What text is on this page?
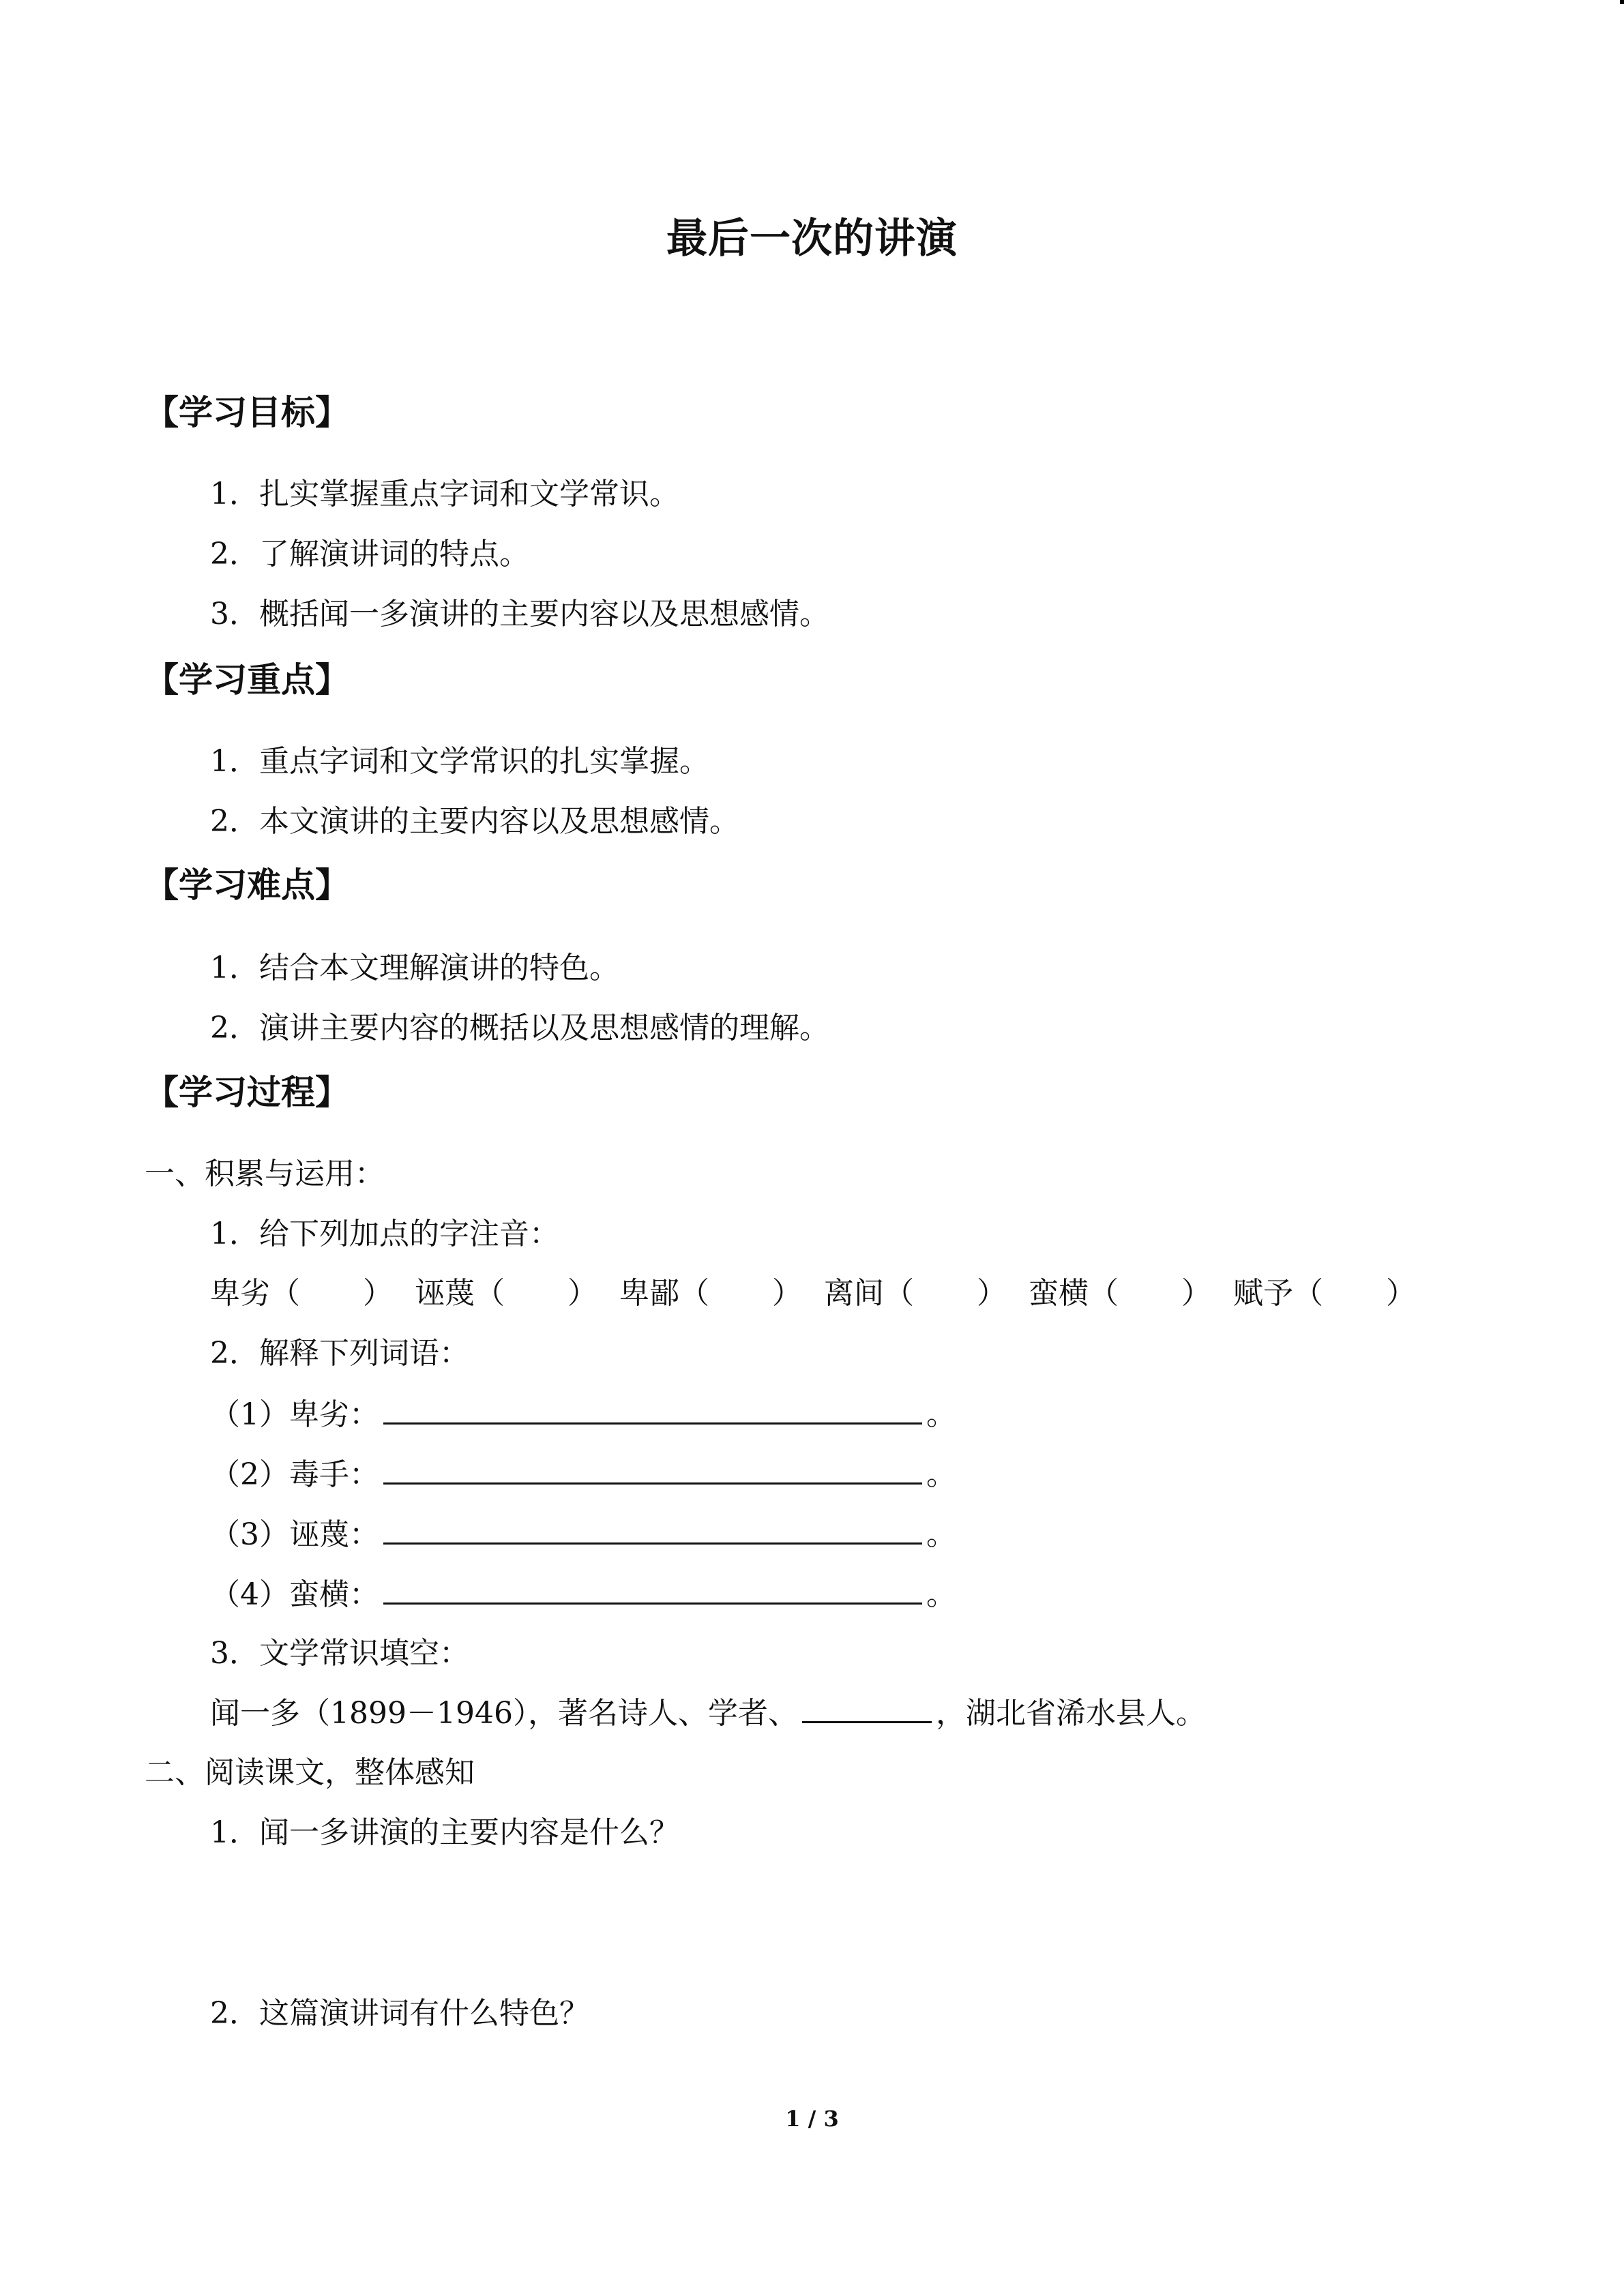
最后一次的讲演
【学习目标】
1．扎实掌握重点字词和文学常识。
2．了解演讲词的特点。
3．概括闻一多演讲的主要内容以及思想感情。
【学习重点】
1．重点字词和文学常识的扎实掌握。
2．本文演讲的主要内容以及思想感情。
【学习难点】
1．结合本文理解演讲的特色。
2．演讲主要内容的概括以及思想感情的理解。
【学习过程】
一、积累与运用：
1．给下列加点的字注音：
卑劣（ ） 诬蔑（ ） 卑鄙（ ） 离间（ ） 蛮横（ ） 赋予（ ）
2．解释下列词语：
（1）卑劣：	。
（2）毒手：	。
（3）诬蔑：	。
（4）蛮横：	。
3．文学常识填空：
闻一多（1899－1946），著名诗人、学者、	，湖北省浠水县人。
二、阅读课文，整体感知
1．闻一多讲演的主要内容是什么？
2．这篇演讲词有什么特色？
1 / 3
